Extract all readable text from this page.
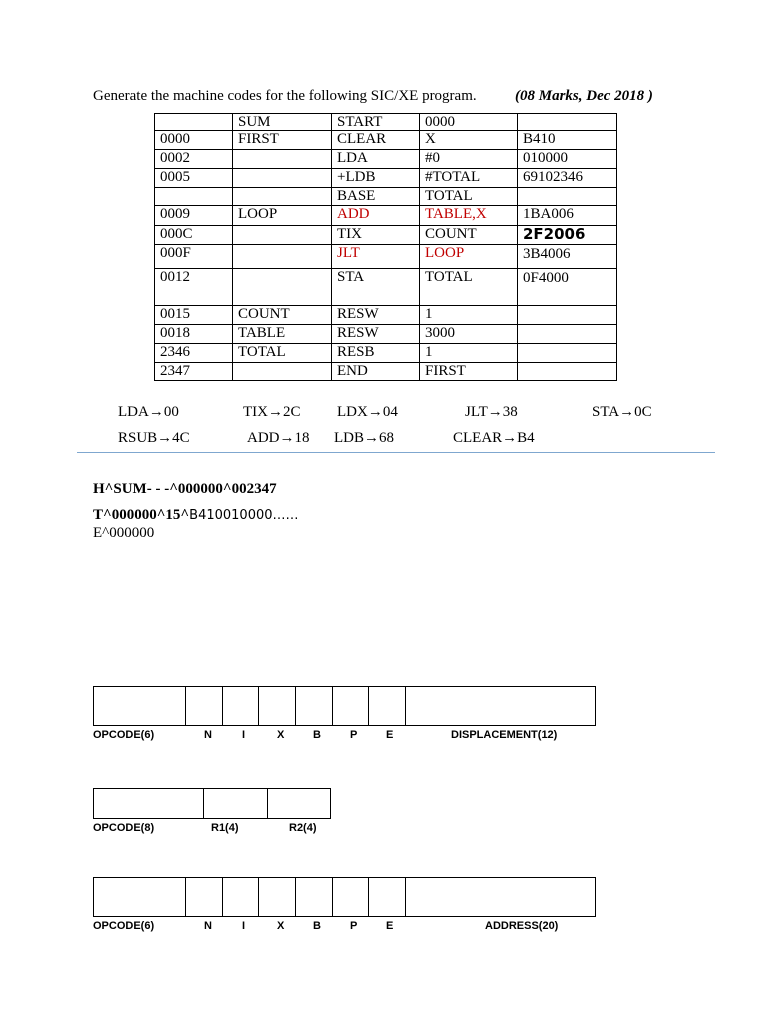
Generate the machine codes for the following SIC/XE program.	(08 Marks, Dec 2018 )
	SUM	START	0000	
0000	FIRST	CLEAR	X	B410
0002		LDA	#0	010000
0005		+LDB	#TOTAL	69102346
		BASE	TOTAL	
0009	LOOP	ADD	TABLE,X	1BA006
000C		TIX	COUNT	2F2006
000F		JLT	LOOP	3B4006
0012		STA	TOTAL	0F4000
0015	COUNT	RESW	1	
0018	TABLE	RESW	3000	
2346	TOTAL	RESB	1	
2347		END	FIRST	
LDA→00	TIX→2C LDX→04	JLT→38	STA→0C
RSUB→4C	ADD→18 LDB→68	CLEAR→B4
H^SUM- - -^000000^002347
T^000000^15^B410010000……
E^000000
OPCODE(6)	N	I	X	B	P	E	DISPLACEMENT(12)
OPCODE(8)	R1(4)	R2(4)
OPCODE(6)	N	I	X	B	P	E	ADDRESS(20)
